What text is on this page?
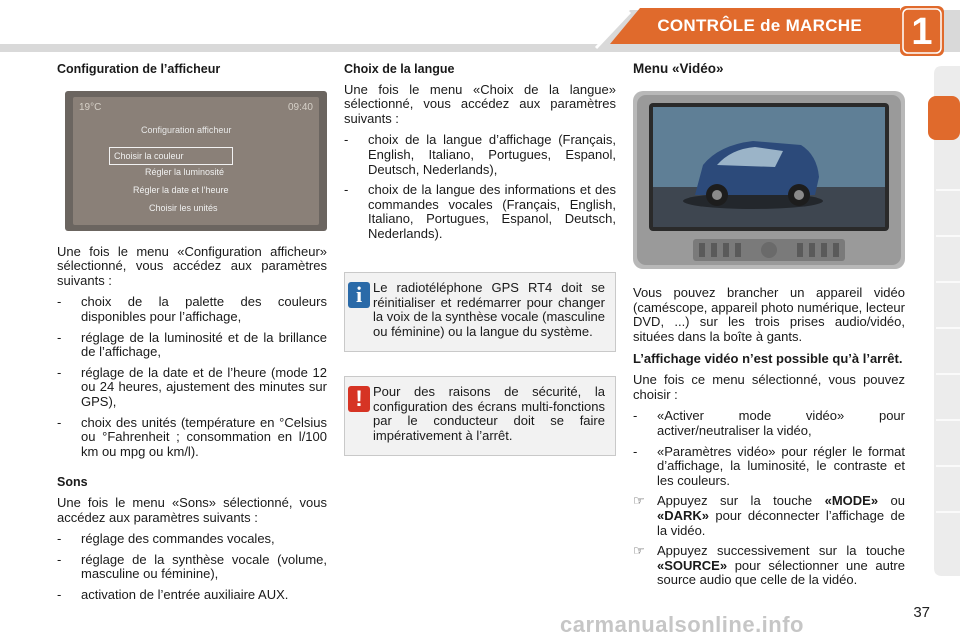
CONTRÔLE de MARCHE	1
Configuration de l’afficheur
19°C	09:40
Configuration afficheur
Choisir la couleur
Régler la luminosité
Régler la date et l’heure
Choisir les unités

Une fois le menu «Configuration afficheur» sélectionné, vous accédez aux paramètres suivants :

-	choix de la palette des couleurs disponibles pour l’affichage,
-	réglage de la luminosité et de la brillance de l’affichage,
-	réglage de la date et de l’heure (mode 12 ou 24 heures, ajustement des minutes sur GPS),
-	choix des unités (température en °Celsius ou °Fahrenheit ; consommation en l/100 km ou mpg ou km/l).
Sons

Une fois le menu «Sons» sélectionné, vous accédez aux paramètres suivants :

-	réglage des commandes vocales,
-	réglage de la synthèse vocale (volume, masculine ou féminine),
-	activation de l’entrée auxiliaire AUX.
Choix de la langue

Une fois le menu «Choix de la langue» sélectionné, vous accédez aux paramètres suivants :

-	choix de la langue d’affichage (Français, English, Italiano, Portugues, Espanol, Deutsch, Nederlands),
-	choix de la langue des informations et des commandes vocales (Français, English, Italiano, Portugues, Espanol, Deutsch, Nederlands).
Le radiotéléphone GPS RT4 doit se réinitialiser et redémarrer pour changer la voix de la synthèse vocale (masculine ou féminine) ou la langue du système.
i
Pour des raisons de sécurité, la configuration des écrans multi-fonctions par le conducteur doit se faire impérativement à l’arrêt.
!
Menu «Vidéo»

Vous pouvez brancher un appareil vidéo (caméscope, appareil photo numérique, lecteur DVD, ...) sur les trois prises audio/vidéo, situées dans la boîte à gants.

L’affichage vidéo n’est possible qu’à l’arrêt.

Une fois ce menu sélectionné, vous pouvez choisir :

-	«Activer mode vidéo» pour activer/neutraliser la vidéo,
-	«Paramètres vidéo» pour régler le format d’affichage, la luminosité, le contraste et les couleurs.
☞ Appuyez sur la touche «MODE» ou «DARK» pour déconnecter l’affichage de la vidéo.
☞ Appuyez successivement sur la touche «SOURCE» pour sélectionner une autre source audio que celle de la vidéo.
carmanualsonline.info	37
